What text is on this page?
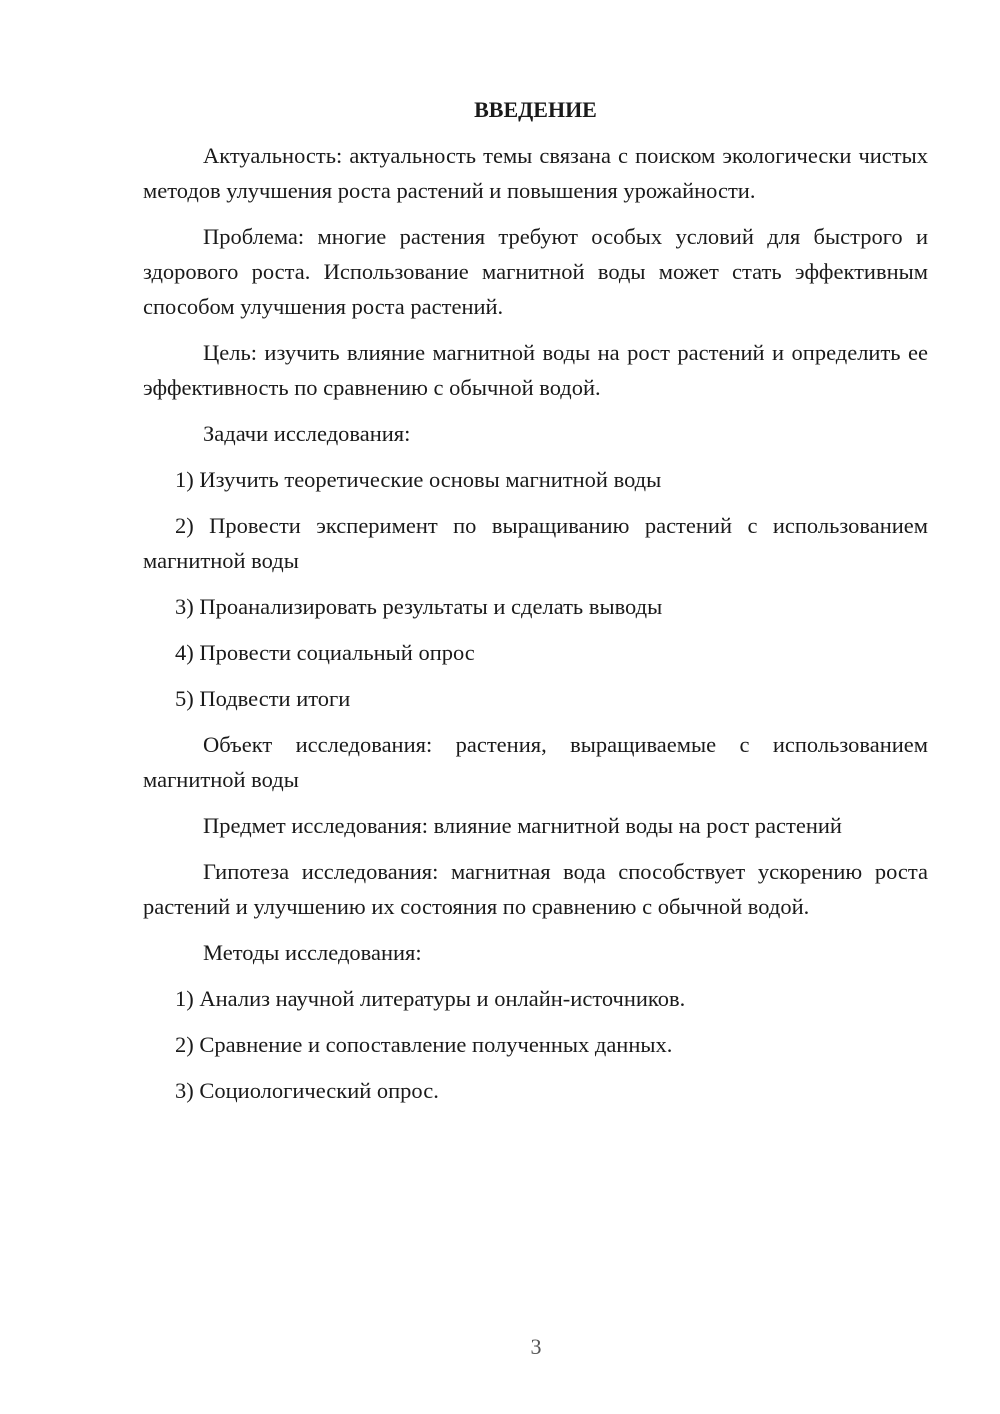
ВВЕДЕНИЕ

Актуальность: актуальность темы связана с поиском экологически чистых методов улучшения роста растений и повышения урожайности.

Проблема: многие растения требуют особых условий для быстрого и здорового роста. Использование магнитной воды может стать эффективным способом улучшения роста растений.

Цель: изучить влияние магнитной воды на рост растений и определить ее эффективность по сравнению с обычной водой.

Задачи исследования:

1) Изучить теоретические основы магнитной воды

2) Провести эксперимент по выращиванию растений с использованием магнитной воды

3) Проанализировать результаты и сделать выводы

4) Провести социальный опрос

5) Подвести итоги

Объект исследования: растения, выращиваемые с использованием магнитной воды

Предмет исследования: влияние магнитной воды на рост растений

Гипотеза исследования: магнитная вода способствует ускорению роста растений и улучшению их состояния по сравнению с обычной водой.

Методы исследования:

1) Анализ научной литературы и онлайн-источников.

2) Сравнение и сопоставление полученных данных.

3) Социологический опрос.

3
